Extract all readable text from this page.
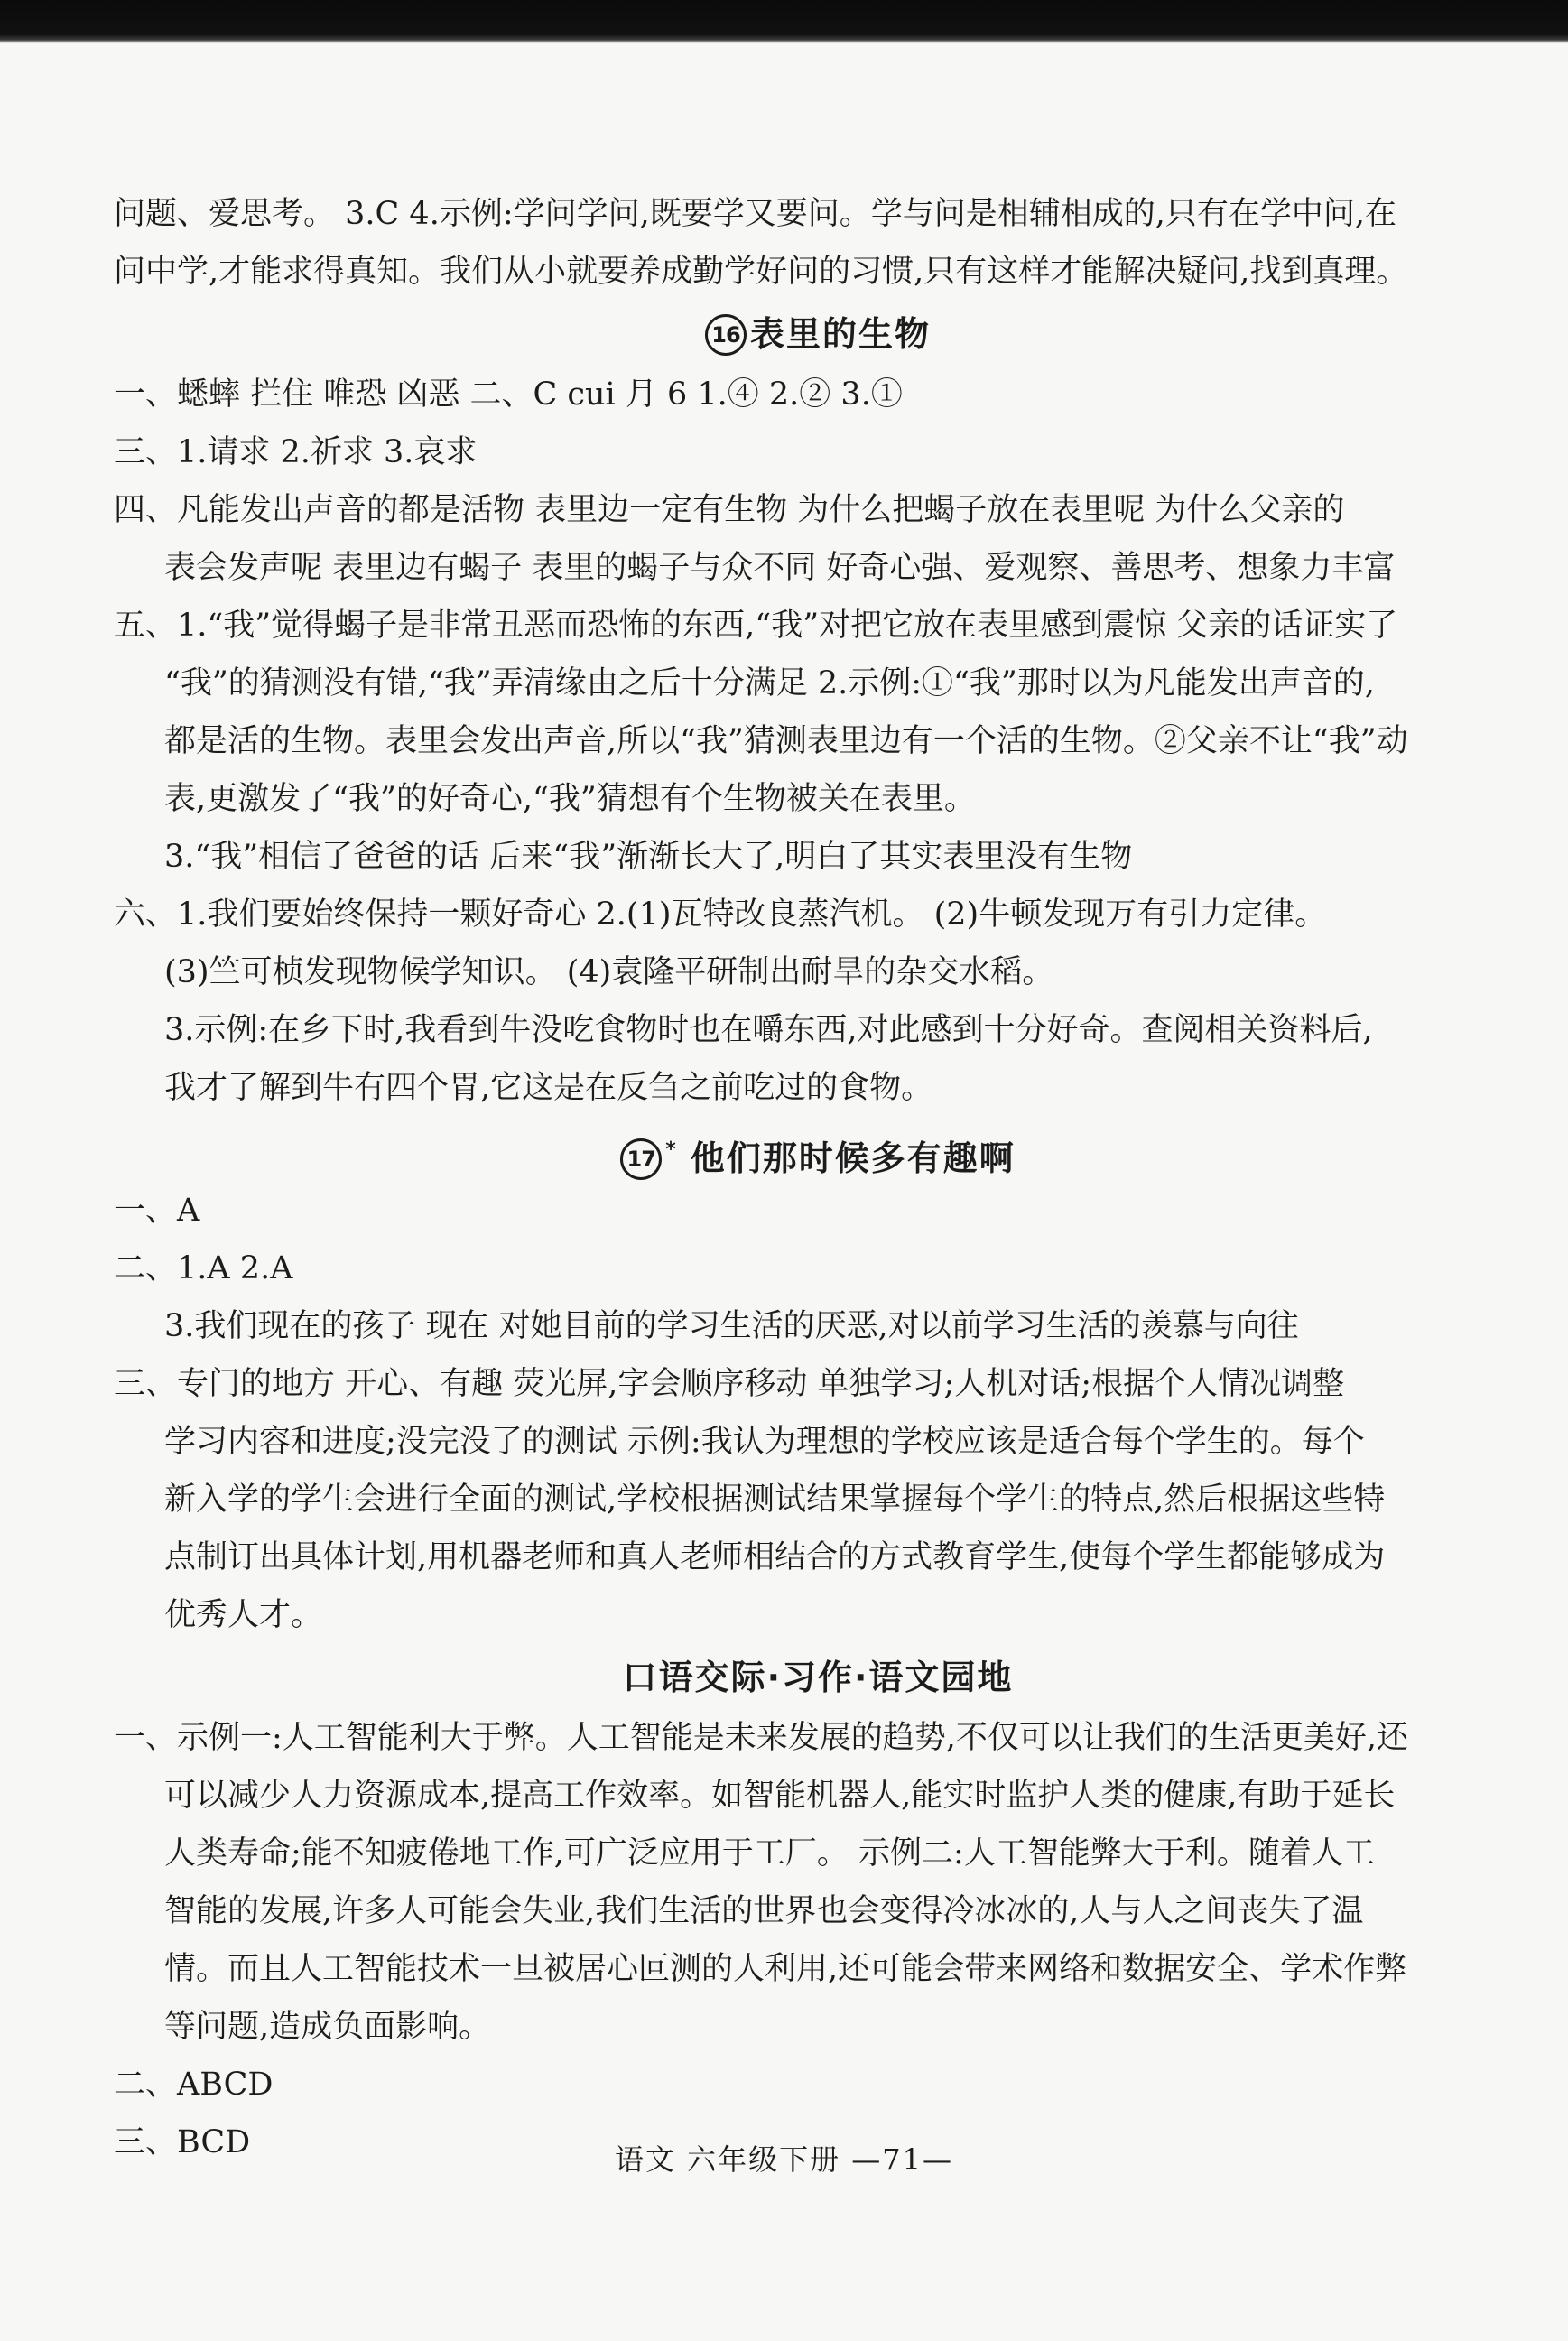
问题、爱思考。 3.C 4.示例:学问学问,既要学又要问。学与问是相辅相成的,只有在学中问,在
问中学,才能求得真知。我们从小就要养成勤学好问的习惯,只有这样才能解决疑问,找到真理。
16 表里的生物
一、蟋蟀 拦住 唯恐 凶恶 二、C cui 月 6 1.④ 2.② 3.①
三、1.请求 2.祈求 3.哀求
四、凡能发出声音的都是活物 表里边一定有生物 为什么把蝎子放在表里呢 为什么父亲的
表会发声呢 表里边有蝎子 表里的蝎子与众不同 好奇心强、爱观察、善思考、想象力丰富
五、1.“我”觉得蝎子是非常丑恶而恐怖的东西,“我”对把它放在表里感到震惊 父亲的话证实了
“我”的猜测没有错,“我”弄清缘由之后十分满足 2.示例:①“我”那时以为凡能发出声音的,
都是活的生物。表里会发出声音,所以“我”猜测表里边有一个活的生物。②父亲不让“我”动
表,更激发了“我”的好奇心,“我”猜想有个生物被关在表里。
3.“我”相信了爸爸的话 后来“我”渐渐长大了,明白了其实表里没有生物
六、1.我们要始终保持一颗好奇心 2.(1)瓦特改良蒸汽机。 (2)牛顿发现万有引力定律。
(3)竺可桢发现物候学知识。 (4)袁隆平研制出耐旱的杂交水稻。
3.示例:在乡下时,我看到牛没吃食物时也在嚼东西,对此感到十分好奇。查阅相关资料后,
我才了解到牛有四个胃,它这是在反刍之前吃过的食物。
17 * 他们那时候多有趣啊
一、A
二、1.A 2.A
3.我们现在的孩子 现在 对她目前的学习生活的厌恶,对以前学习生活的羡慕与向往
三、专门的地方 开心、有趣 荧光屏,字会顺序移动 单独学习;人机对话;根据个人情况调整
学习内容和进度;没完没了的测试 示例:我认为理想的学校应该是适合每个学生的。每个
新入学的学生会进行全面的测试,学校根据测试结果掌握每个学生的特点,然后根据这些特
点制订出具体计划,用机器老师和真人老师相结合的方式教育学生,使每个学生都能够成为
优秀人才。
口语交际·习作·语文园地
一、示例一:人工智能利大于弊。人工智能是未来发展的趋势,不仅可以让我们的生活更美好,还
可以减少人力资源成本,提高工作效率。如智能机器人,能实时监护人类的健康,有助于延长
人类寿命;能不知疲倦地工作,可广泛应用于工厂。 示例二:人工智能弊大于利。随着人工
智能的发展,许多人可能会失业,我们生活的世界也会变得冷冰冰的,人与人之间丧失了温
情。而且人工智能技术一旦被居心叵测的人利用,还可能会带来网络和数据安全、学术作弊
等问题,造成负面影响。
二、ABCD
三、BCD	语文 六年级下册 —71—
